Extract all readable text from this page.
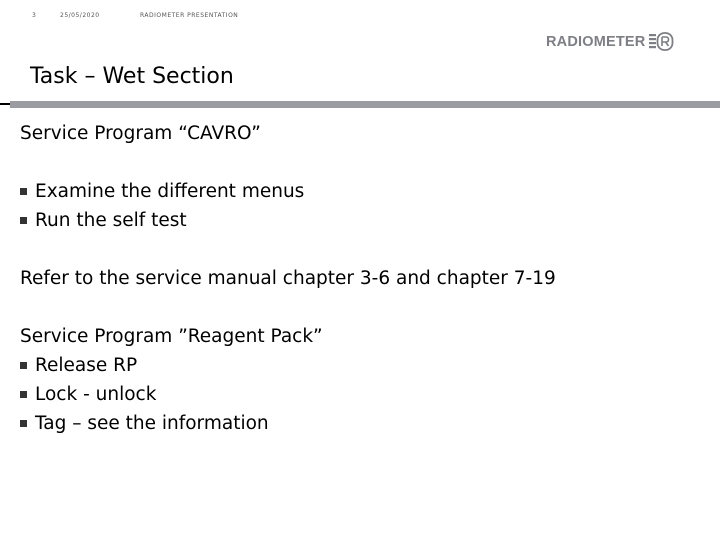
3	25/05/2020	RADIOMETER PRESENTATION
RADIOMETER
Task – Wet Section
Service Program “CAVRO”
Examine the different menus
Run the self test
Refer to the service manual chapter 3-6 and chapter 7-19
Service Program ”Reagent Pack”
Release RP
Lock - unlock
Tag – see the information
